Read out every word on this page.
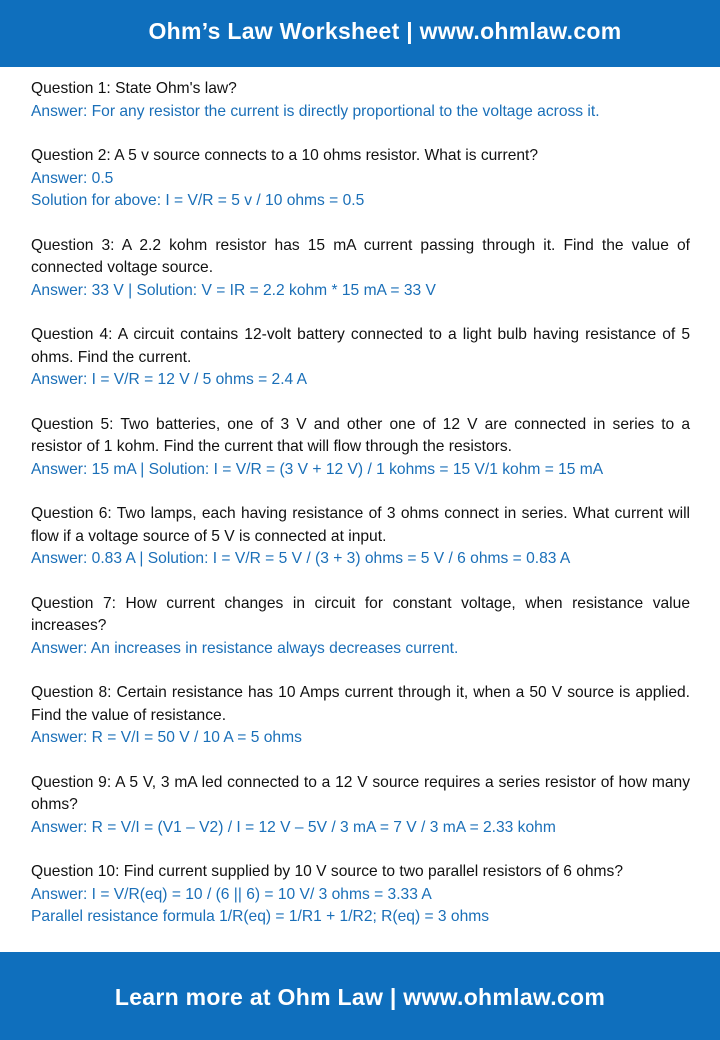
Ohm’s Law Worksheet | www.ohmlaw.com
Question 1: State Ohm's law?
Answer: For any resistor the current is directly proportional to the voltage across it.
Question 2: A 5 v source connects to a 10 ohms resistor. What is current?
Answer: 0.5
Solution for above: I = V/R = 5 v / 10 ohms = 0.5
Question 3: A 2.2 kohm resistor has 15 mA current passing through it. Find the value of connected voltage source.
Answer: 33 V | Solution: V = IR = 2.2 kohm * 15 mA = 33 V
Question 4: A circuit contains 12-volt battery connected to a light bulb having resistance of 5 ohms. Find the current.
Answer: I = V/R = 12 V / 5 ohms = 2.4 A
Question 5: Two batteries, one of 3 V and other one of 12 V are connected in series to a resistor of 1 kohm. Find the current that will flow through the resistors.
Answer: 15 mA | Solution: I = V/R = (3 V + 12 V) / 1 kohms = 15 V/1 kohm = 15 mA
Question 6: Two lamps, each having resistance of 3 ohms connect in series. What current will flow if a voltage source of 5 V is connected at input.
Answer: 0.83 A | Solution: I = V/R = 5 V / (3 + 3) ohms = 5 V / 6 ohms = 0.83 A
Question 7: How current changes in circuit for constant voltage, when resistance value increases?
Answer: An increases in resistance always decreases current.
Question 8: Certain resistance has 10 Amps current through it, when a 50 V source is applied. Find the value of resistance.
Answer: R = V/I = 50 V / 10 A = 5 ohms
Question 9: A 5 V, 3 mA led connected to a 12 V source requires a series resistor of how many ohms?
Answer: R = V/I = (V1 – V2) / I = 12 V – 5V / 3 mA = 7 V / 3 mA = 2.33 kohm
Question 10: Find current supplied by 10 V source to two parallel resistors of 6 ohms?
Answer: I = V/R(eq) = 10 / (6 || 6) = 10 V/ 3 ohms = 3.33 A
Parallel resistance formula 1/R(eq) = 1/R1 + 1/R2; R(eq) = 3 ohms
Learn more at Ohm Law | www.ohmlaw.com
